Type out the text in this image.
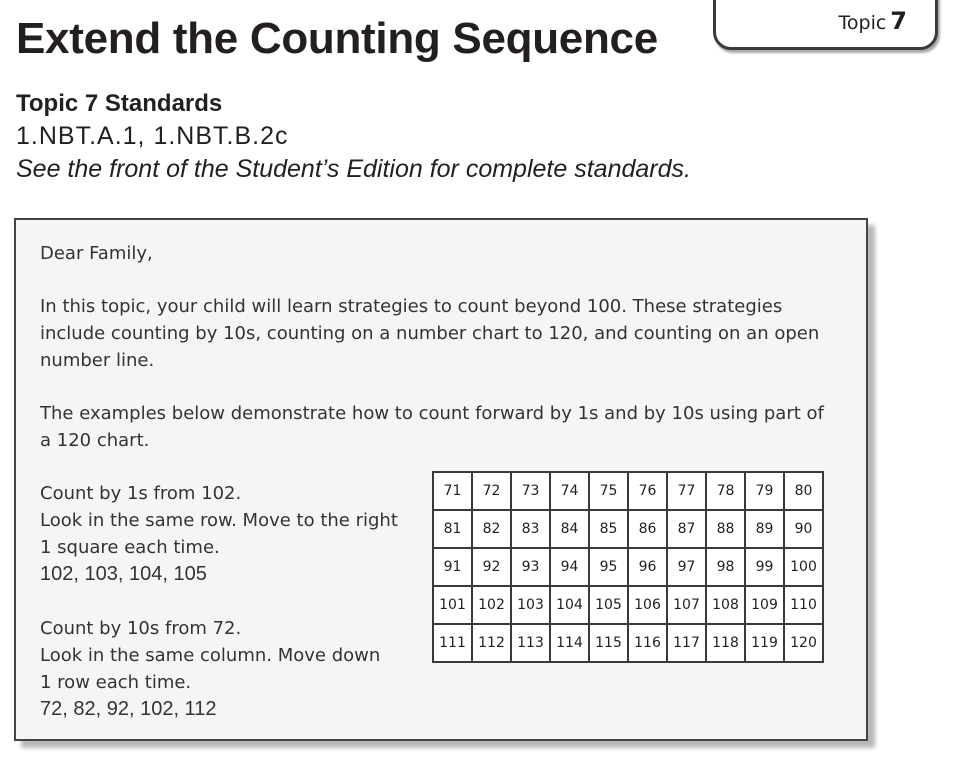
Topic 7
Extend the Counting Sequence
Topic 7 Standards
1.NBT.A.1, 1.NBT.B.2c
See the front of the Student’s Edition for complete standards.

Dear Family,

In this topic, your child will learn strategies to count beyond 100. These strategies include counting by 10s, counting on a number chart to 120, and counting on an open number line.

The examples below demonstrate how to count forward by 1s and by 10s using part of a 120 chart.

Count by 1s from 102.
Look in the same row. Move to the right
1 square each time.
102, 103, 104, 105
Count by 10s from 72.
Look in the same column. Move down
1 row each time.
72, 82, 92, 102, 112
71	72	73	74	75	76	77	78	79	80
81	82	83	84	85	86	87	88	89	90
91	92	93	94	95	96	97	98	99	100
101	102	103	104	105	106	107	108	109	110
111	112	113	114	115	116	117	118	119	120
